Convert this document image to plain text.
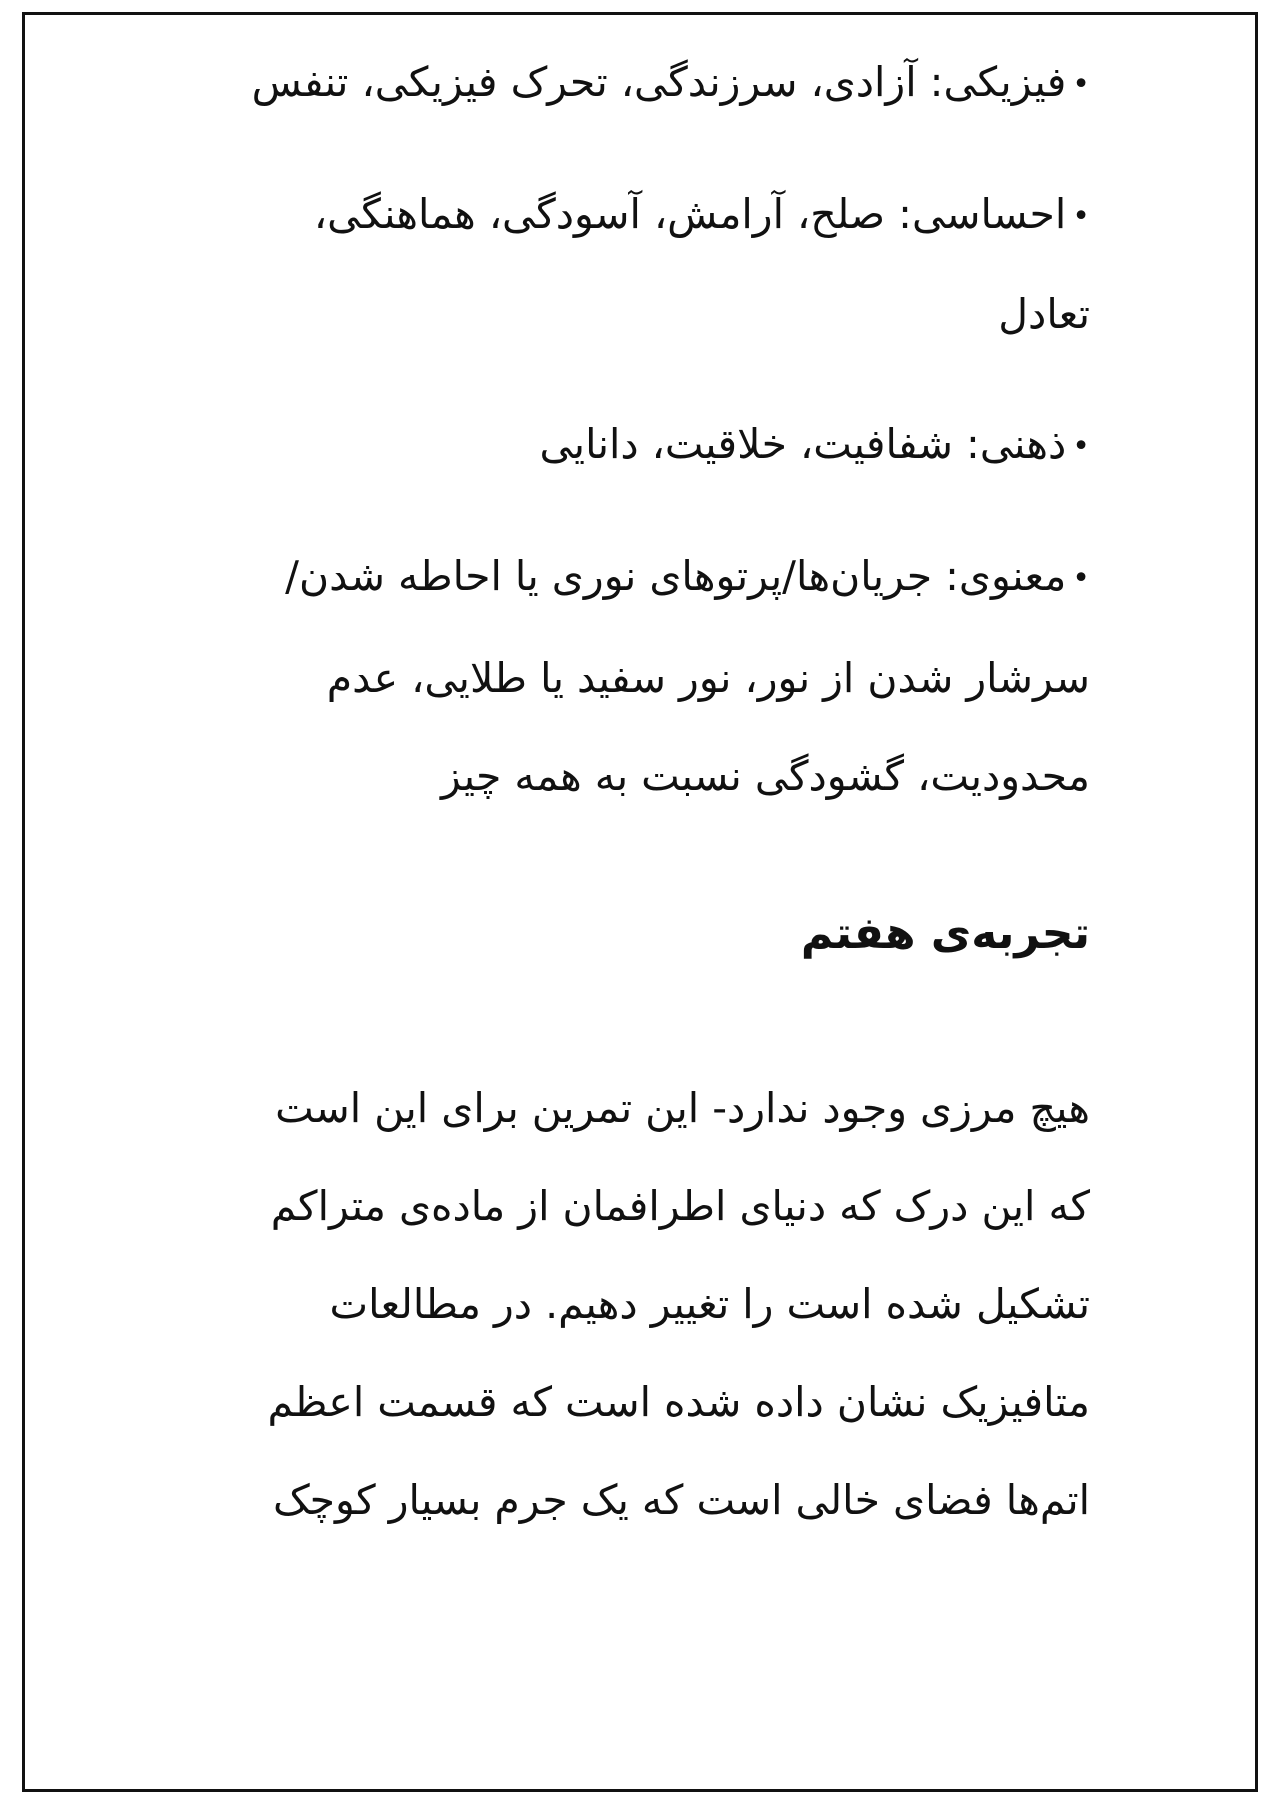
•فیزیکی: آزادی، سرزندگی، تحرک فیزیکی، تنفس
•احساسی: صلح، آرامش، آسودگی، هماهنگی،
تعادل
•ذهنی: شفافیت، خلاقیت، دانایی
•معنوی: جریان‌ها/پرتوهای نوری یا احاطه شدن/
سرشار شدن از نور، نور سفید یا طلایی، عدم
محدودیت، گشودگی نسبت به همه چیز
تجربه‌ی هفتم
هیچ مرزی وجود ندارد- این تمرین برای این است
که این درک که دنیای اطرافمان از ماده‌ی متراکم
تشکیل شده است را تغییر دهیم. در مطالعات
متافیزیک نشان داده شده است که قسمت اعظم
اتم‌ها فضای خالی است که یک جرم بسیار کوچک
